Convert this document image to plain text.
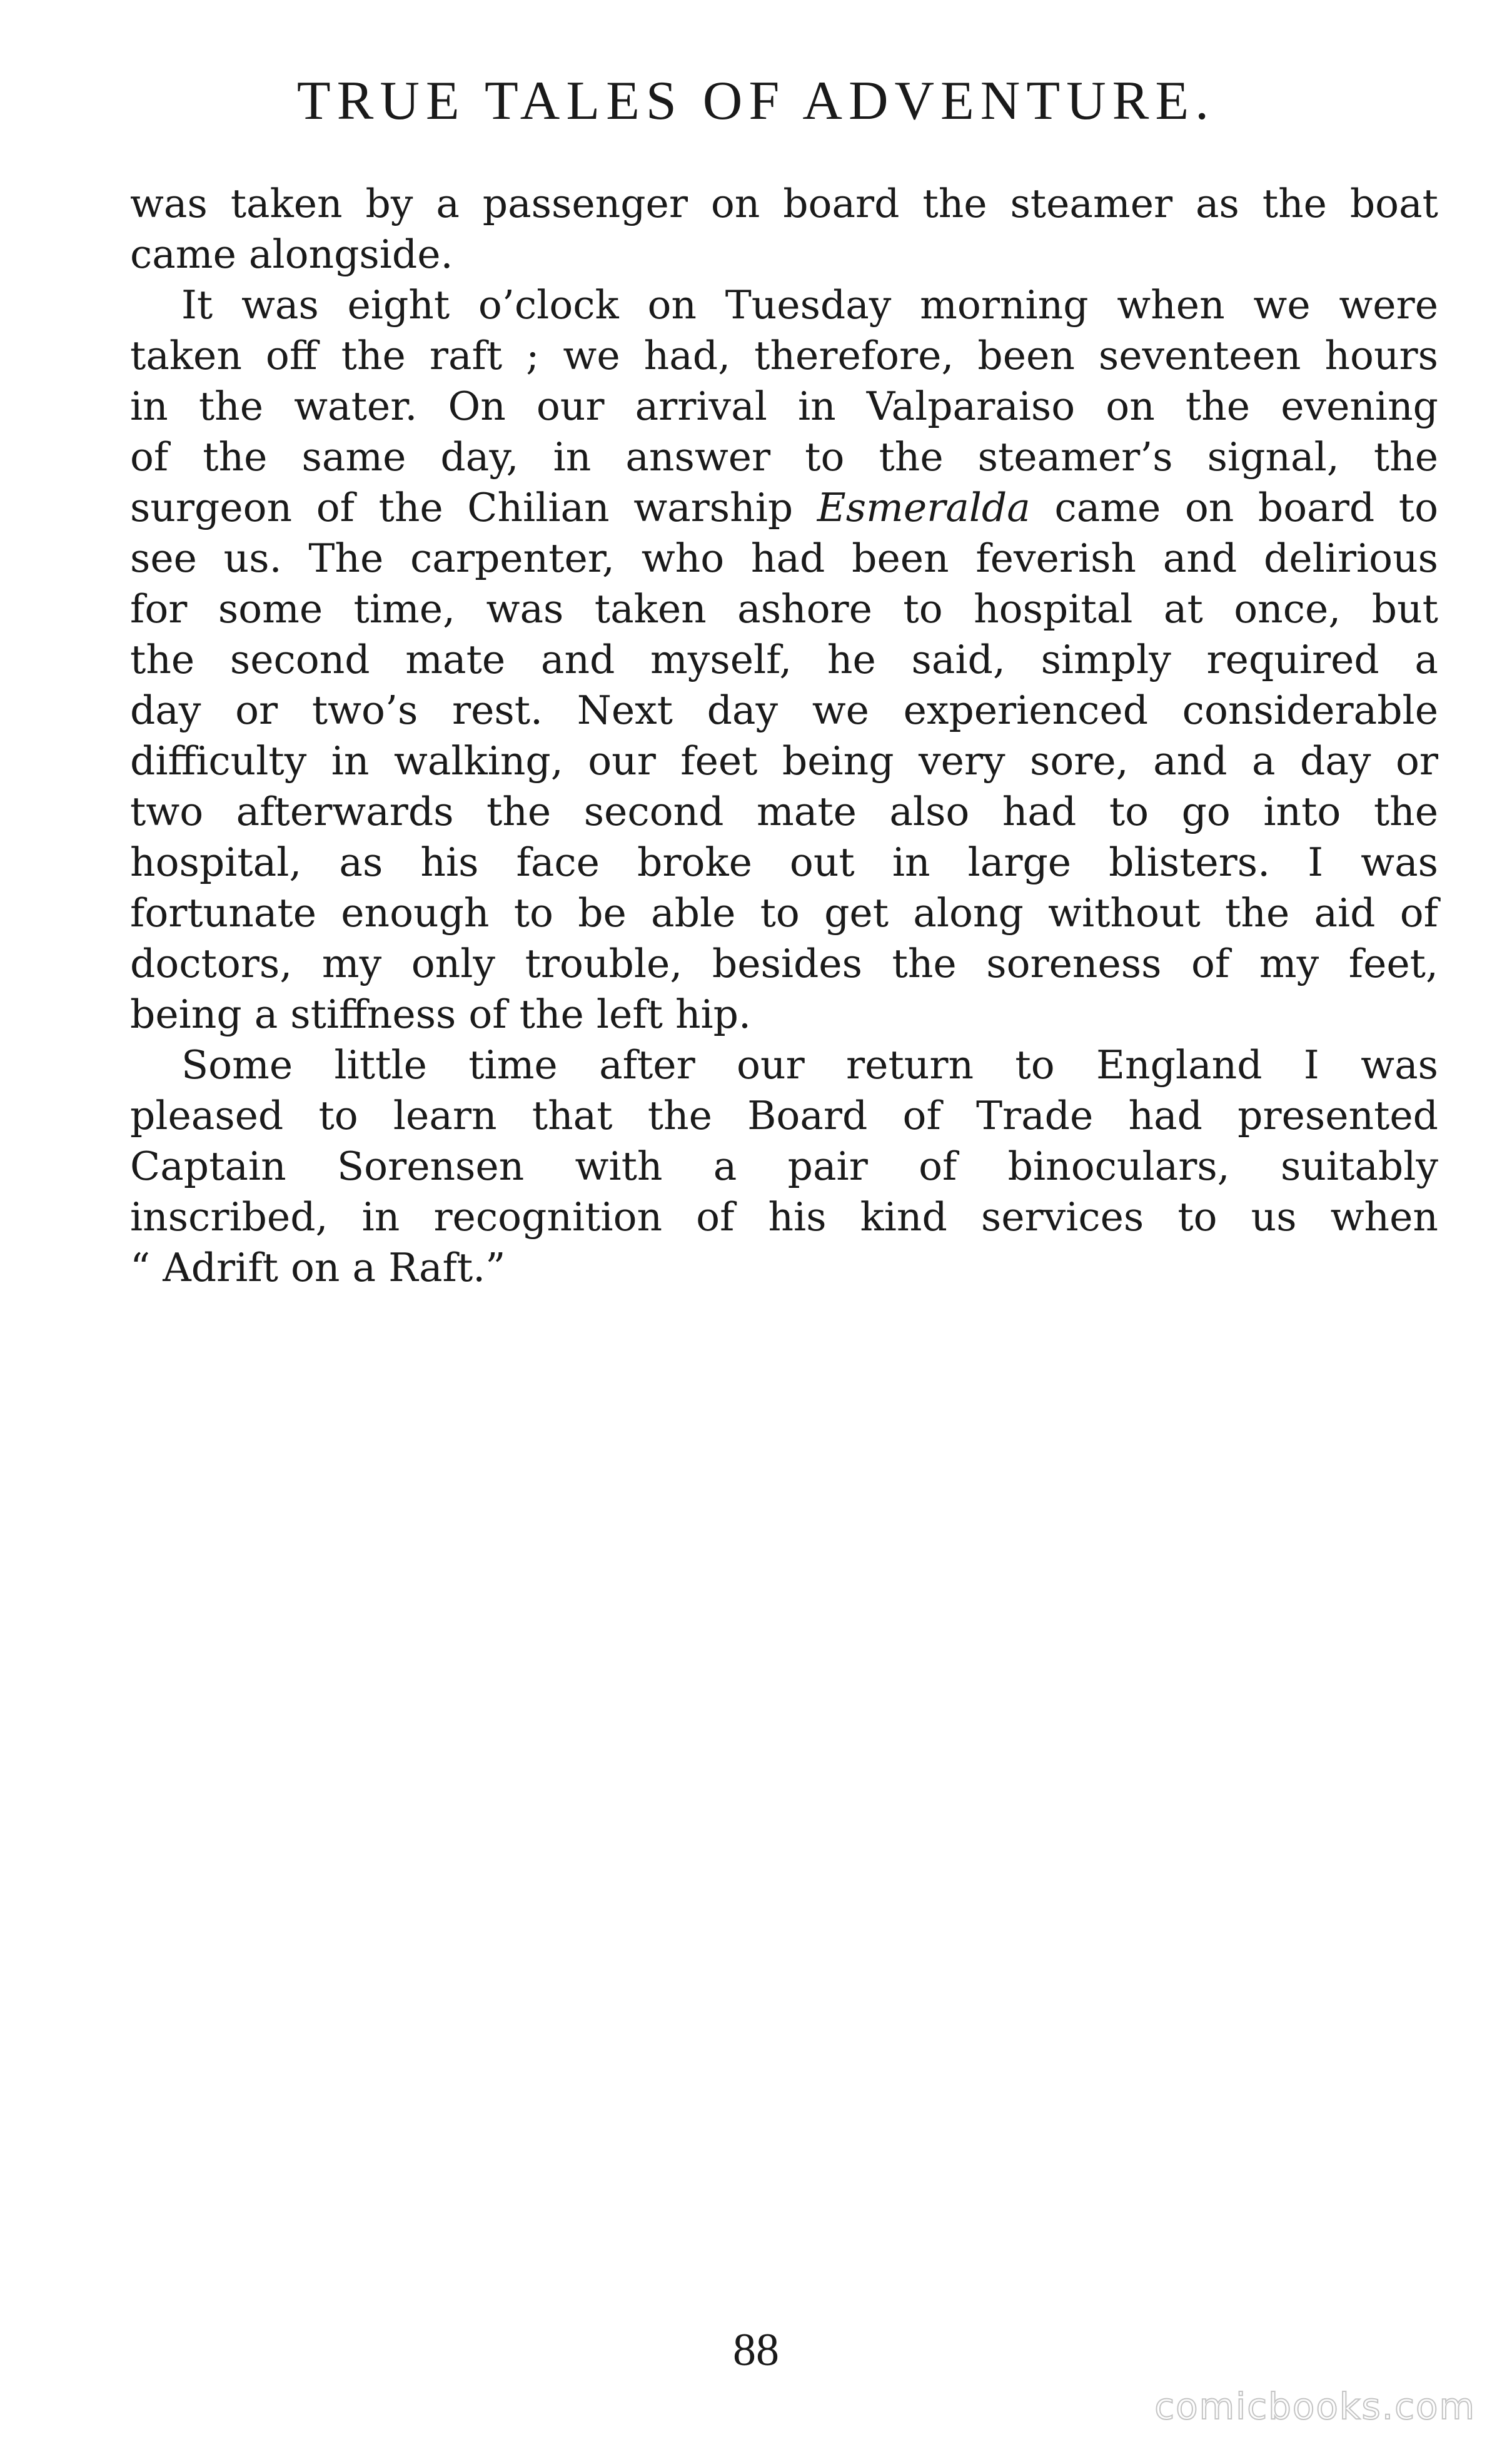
TRUE TALES OF ADVENTURE.

was taken by a passenger on board the steamer as the boat
came alongside.

It was eight o’clock on Tuesday morning when we were
taken off the raft ; we had, therefore, been seventeen hours
in the water. On our arrival in Valparaiso on the evening
of the same day, in answer to the steamer’s signal, the
surgeon of the Chilian warship Esmeralda came on board to
see us. The carpenter, who had been feverish and delirious
for some time, was taken ashore to hospital at once, but
the second mate and myself, he said, simply required a
day or two’s rest. Next day we experienced considerable
difficulty in walking, our feet being very sore, and a day or
two afterwards the second mate also had to go into the
hospital, as his face broke out in large blisters. I was
fortunate enough to be able to get along without the aid of
doctors, my only trouble, besides the soreness of my feet,
being a stiffness of the left hip.

Some little time after our return to England I was
pleased to learn that the Board of Trade had presented
Captain Sorensen with a pair of binoculars, suitably
inscribed, in recognition of his kind services to us when
“ Adrift on a Raft.”

88
comicbooks.com
